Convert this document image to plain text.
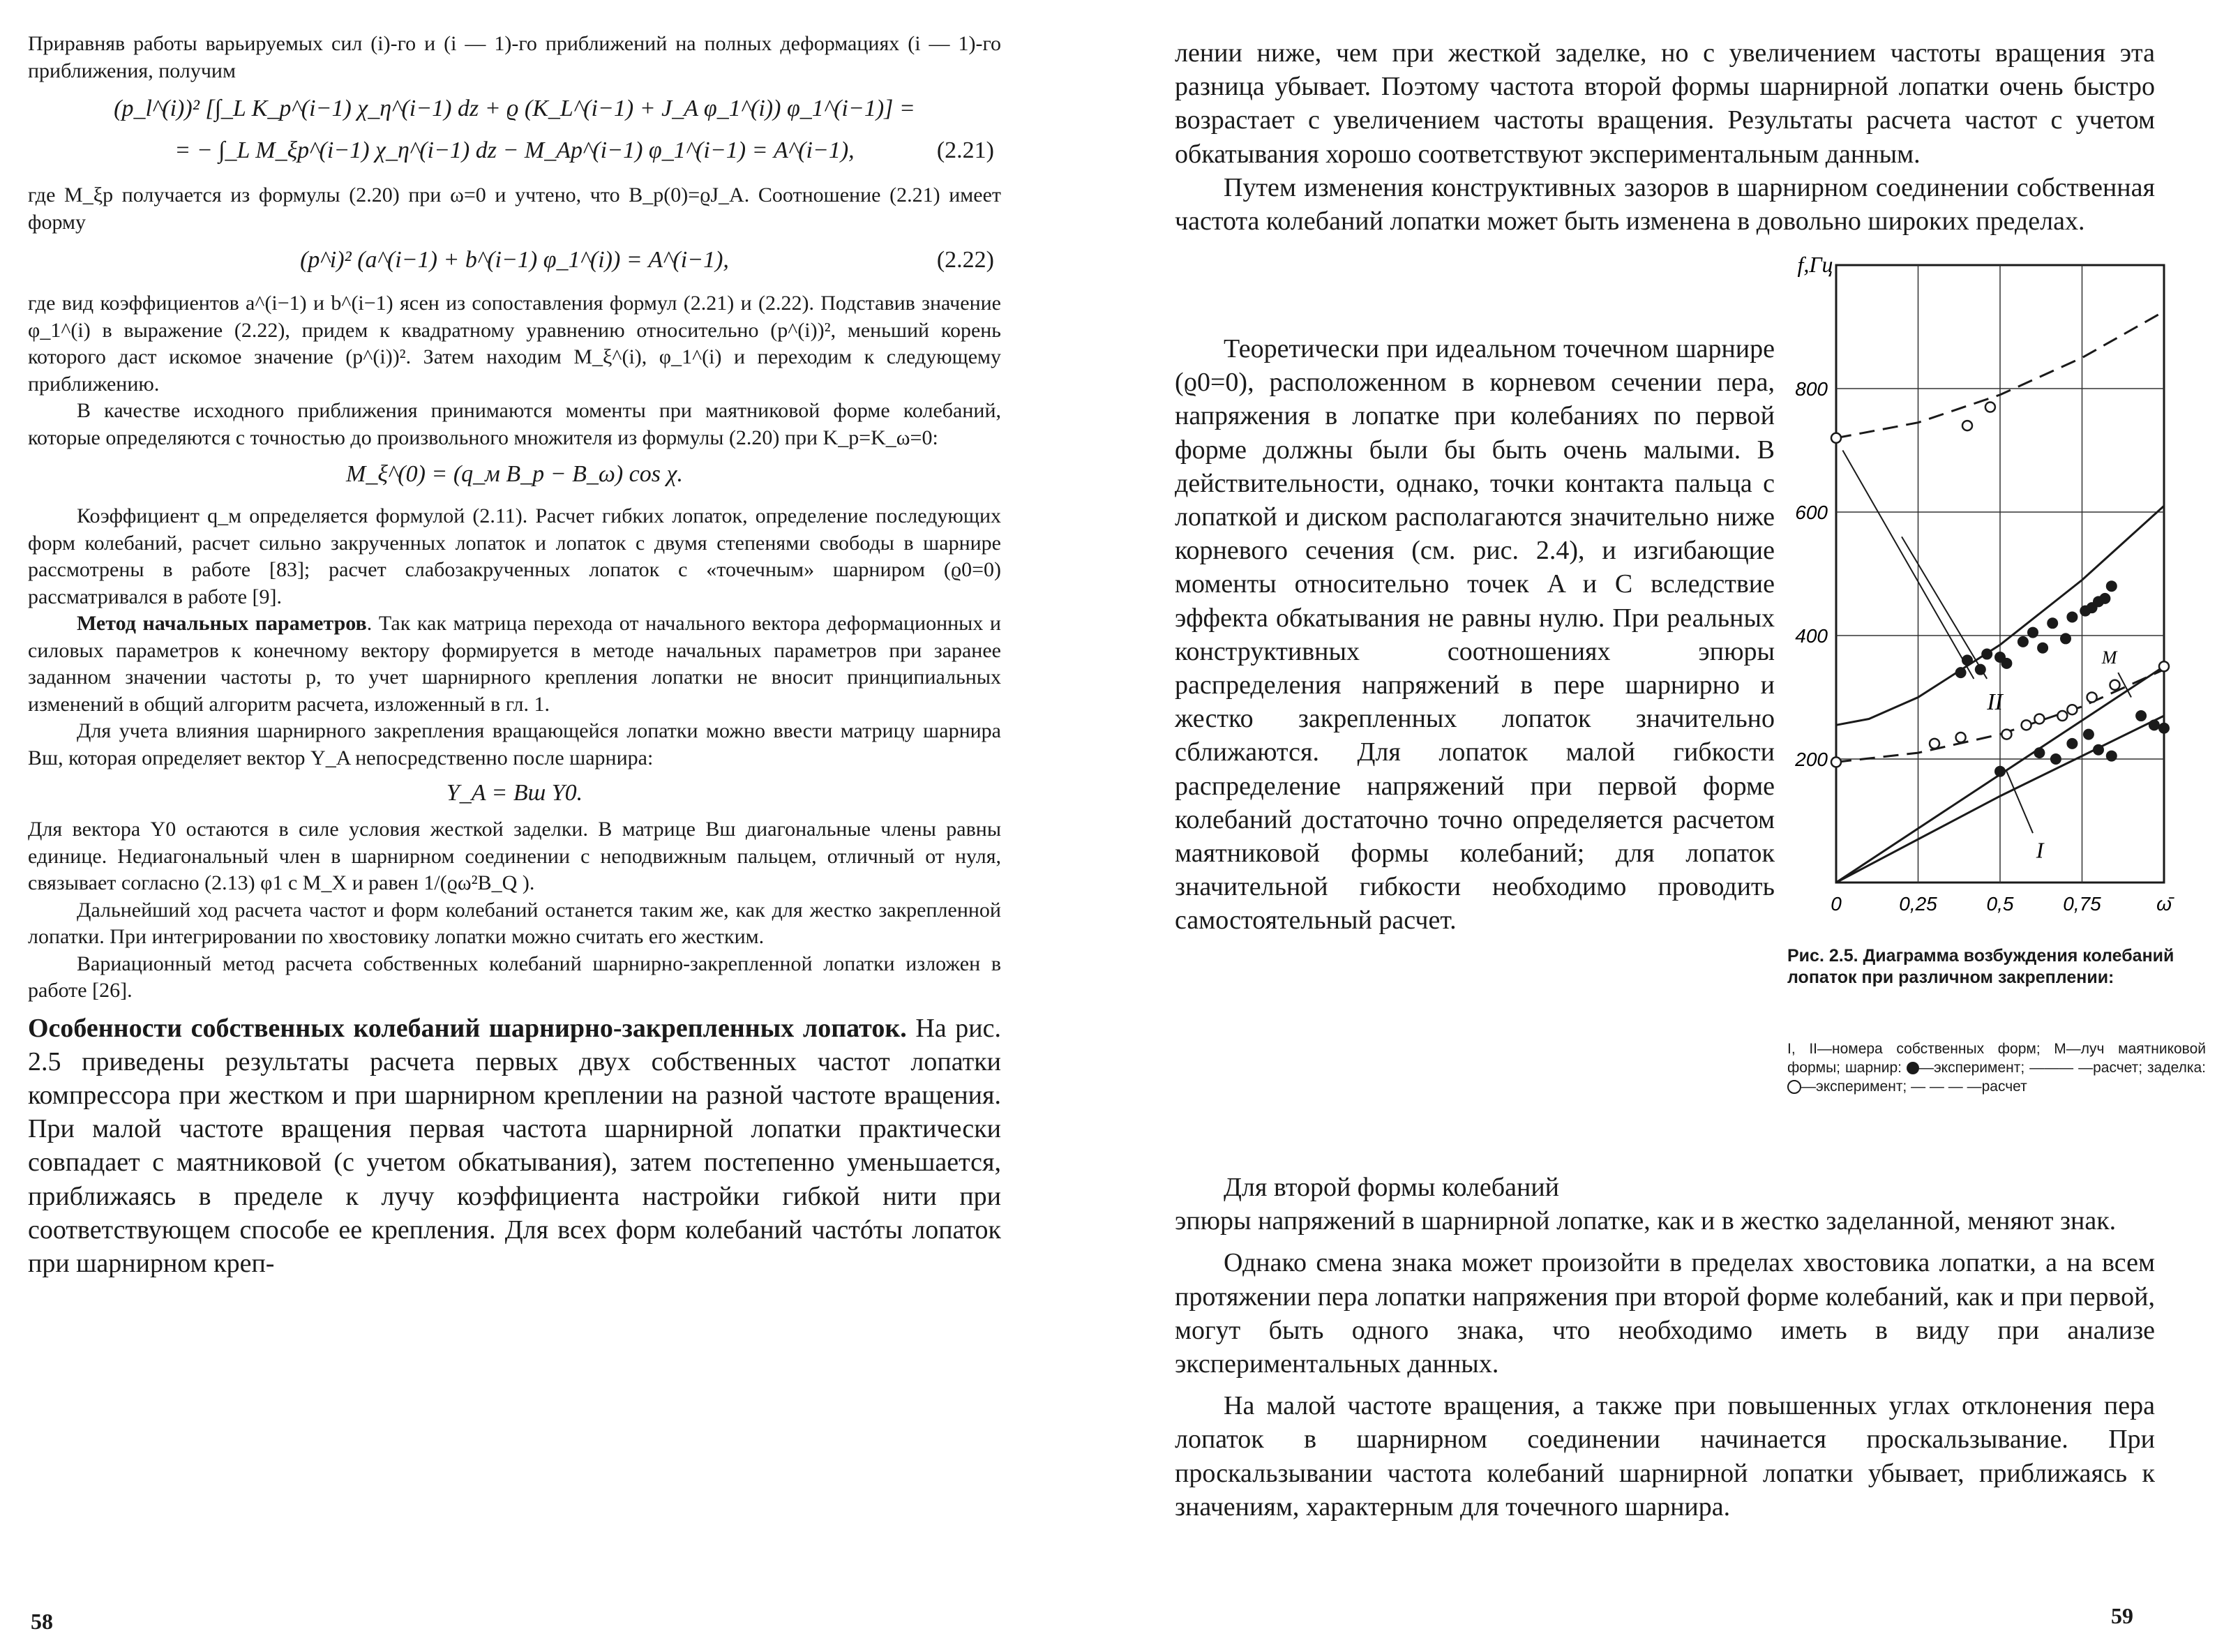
Приравняв работы варьируемых сил (i)-го и (i — 1)-го приближений на полных деформациях (i — 1)-го приближения, получим

(p_l^(i))² [∫_L K_p^(i−1) χ_η^(i−1) dz + ϱ (K_L^(i−1) + J_A φ_1^(i)) φ_1^(i−1)] =

= − ∫_L M_ξp^(i−1) χ_η^(i−1) dz − M_Ap^(i−1) φ_1^(i−1) = A^(i−1),	(2.21)

где M_ξp получается из формулы (2.20) при ω=0 и учтено, что B_p(0)=ϱJ_A. Соотношение (2.21) имеет форму

(p^i)² (a^(i−1) + b^(i−1) φ_1^(i)) = A^(i−1),	(2.22)

где вид коэффициентов a^(i−1) и b^(i−1) ясен из сопоставления формул (2.21) и (2.22). Подставив значение φ_1^(i) в выражение (2.22), придем к квадратному уравнению относительно (p^(i))², меньший корень которого даст искомое значение (p^(i))². Затем находим M_ξ^(i), φ_1^(i) и переходим к следующему приближению.

В качестве исходного приближения принимаются моменты при маятниковой форме колебаний, которые определяются с точностью до произвольного множителя из формулы (2.20) при K_p=K_ω=0:

M_ξ^(0) = (q_м B_p − B_ω) cos χ.

Коэффициент q_м определяется формулой (2.11). Расчет гибких лопаток, определение последующих форм колебаний, расчет сильно закрученных лопаток и лопаток с двумя степенями свободы в шарнире рассмотрены в работе [83]; расчет слабозакрученных лопаток с «точечным» шарниром (ϱ0=0) рассматривался в работе [9].

Метод начальных параметров. Так как матрица перехода от начального вектора деформационных и силовых параметров к конечному вектору формируется в методе начальных параметров при заранее заданном значении частоты p, то учет шарнирного крепления лопатки не вносит принципиальных изменений в общий алгоритм расчета, изложенный в гл. 1.

Для учета влияния шарнирного закрепления вращающейся лопатки можно ввести матрицу шарнира Bш, которая определяет вектор Y_A непосредственно после шарнира:

Y_A = Bш Y0.

Для вектора Y0 остаются в силе условия жесткой заделки. В матрице Bш диагональные члены равны единице. Недиагональный член в шарнирном соединении с неподвижным пальцем, отличный от нуля, связывает согласно (2.13) φ1 с M_X и равен 1/(ϱω²B_Q ).

Дальнейший ход расчета частот и форм колебаний останется таким же, как для жестко закрепленной лопатки. При интегрировании по хвостовику лопатки можно считать его жестким.

Вариационный метод расчета собственных колебаний шарнирно-закрепленной лопатки изложен в работе [26].

Особенности собственных колебаний шарнирно-закрепленных лопаток. На рис. 2.5 приведены результаты расчета первых двух собственных частот лопатки компрессора при жестком и при шарнирном креплении на разной частоте вращения. При малой частоте вращения первая частота шарнирной лопатки практически совпадает с маятниковой (с учетом обкатывания), затем постепенно уменьшается, приближаясь в пределе к лучу коэффициента настройки гибкой нити при соответствующем способе ее крепления. Для всех форм колебаний частóты лопаток при шарнирном креп-

58

лении ниже, чем при жесткой заделке, но с увеличением частоты вращения эта разница убывает. Поэтому частота второй формы шарнирной лопатки очень быстро возрастает с увеличением частоты вращения. Результаты расчета частот с учетом обкатывания хорошо соответствуют экспериментальным данным.

Путем изменения конструктивных зазоров в шарнирном соединении собственная частота колебаний лопатки может быть изменена в довольно широких пределах.

Теоретически при идеальном точечном шарнире (ϱ0=0), расположенном в корневом сечении пера, напряжения в лопатке при колебаниях по первой форме должны были бы быть очень малыми. В действительности, однако, точки контакта пальца с лопаткой и диском располагаются значительно ниже корневого сечения (см. рис. 2.4), и изгибающие моменты относительно точек A и C вследствие эффекта обкатывания не равны нулю. При реальных конструктивных соотношениях эпюры распределения напряжений в пере шарнирно и жестко закрепленных лопаток значительно сближаются. Для лопаток малой гибкости распределение напряжений при первой форме колебаний достаточно точно определяется расчетом маятниковой формы колебаний; для лопаток значительной гибкости необходимо проводить самостоятельный расчет.

Для второй формы колебаний

эпюры напряжений в шарнирной лопатке, как и в жестко заделанной, меняют знак.

Однако смена знака может произойти в пределах хвостовика лопатки, а на всем протяжении пера лопатки напряжения при второй форме колебаний, как и при первой, могут быть одного знака, что необходимо иметь в виду при анализе экспериментальных данных.

На малой частоте вращения, а также при повышенных углах отклонения пера лопаток в шарнирном соединении начинается проскальзывание. При проскальзывании частота колебаний шарнирной лопатки убывает, приближаясь к значениям, характерным для точечного шарнира.

0	0,25	0,5	0,75	ω̄
200
400
600
800
f,Гц
II
I
M

Рис. 2.5. Диаграмма возбуждения колебаний лопаток при различном закреплении:

I, II—номера собственных форм; M—луч маятниковой формы; шарнир: —эксперимент; ——— —расчет; заделка: —эксперимент; — — — —расчет

59
